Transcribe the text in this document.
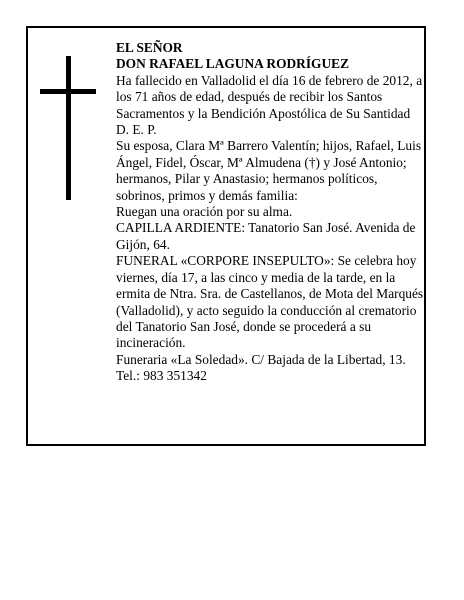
EL SEÑOR

DON RAFAEL LAGUNA RODRÍGUEZ

Ha fallecido en Valladolid el día 16 de febrero de 2012, a los 71 años de edad, después de recibir los Santos Sacramentos y la Bendición Apostólica de Su Santidad

D. E. P.

Su esposa, Clara Mª Barrero Valentín; hijos, Rafael, Luis Ángel, Fidel, Óscar, Mª Almudena (†) y José Antonio; hermanos, Pilar y Anastasio; hermanos políticos, sobrinos, primos y demás familia:

Ruegan una oración por su alma.

CAPILLA ARDIENTE: Tanatorio San José. Avenida de Gijón, 64.

FUNERAL «CORPORE INSEPULTO»: Se celebra hoy viernes, día 17, a las cinco y media de la tarde, en la ermita de Ntra. Sra. de Castellanos, de Mota del Marqués (Valladolid), y acto seguido la conducción al crematorio del Tanatorio San José, donde se procederá a su incineración.

Funeraria «La Soledad». C/ Bajada de la Libertad, 13.

Tel.: 983 351342
